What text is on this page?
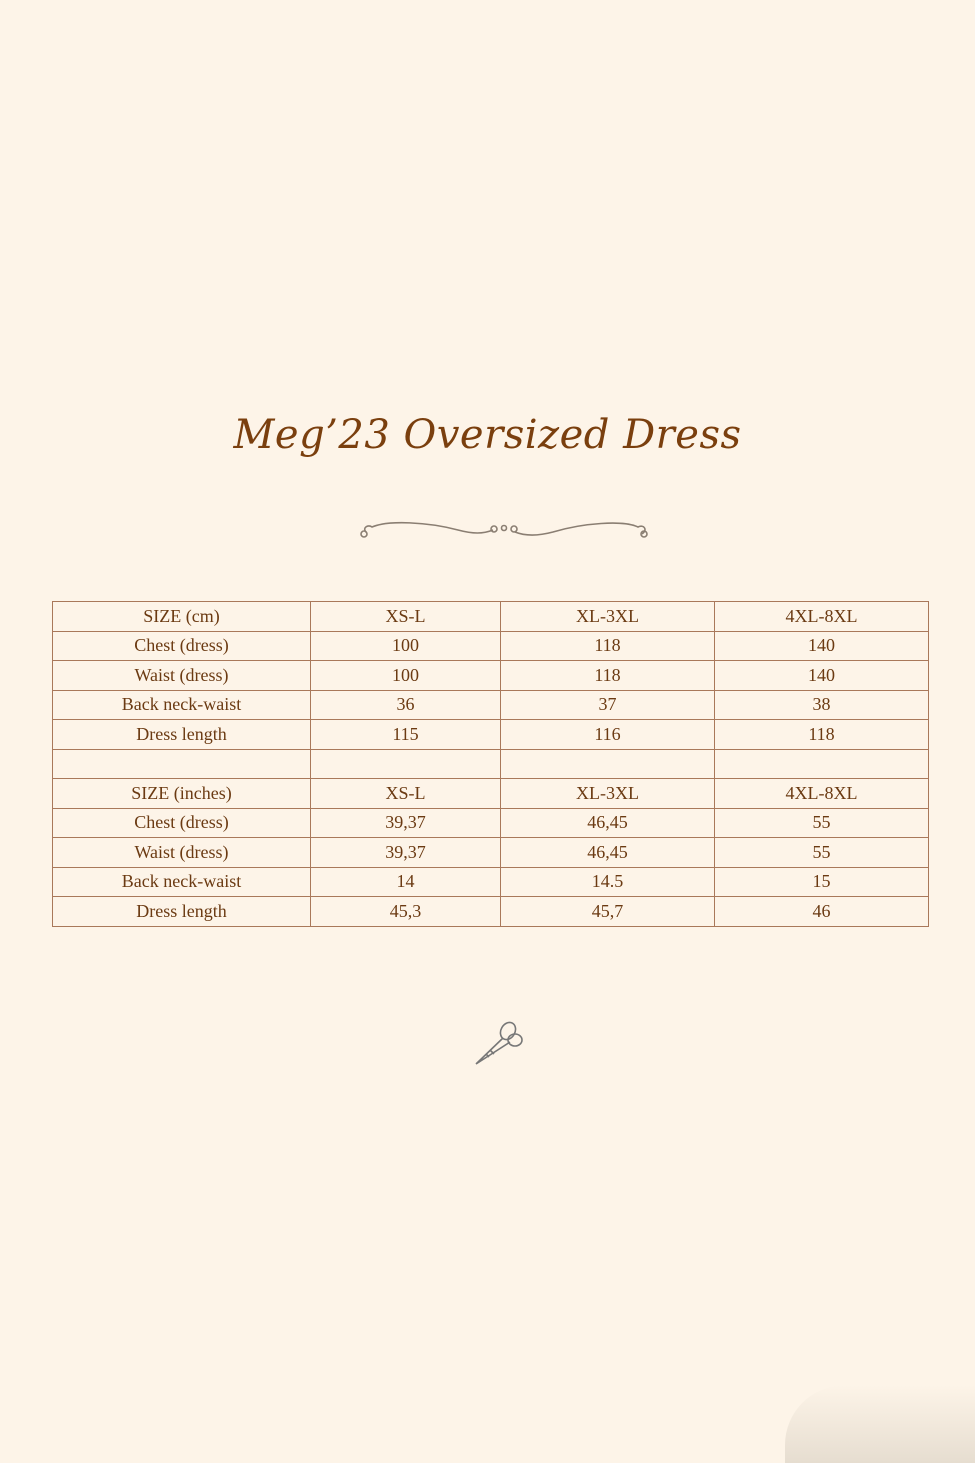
Meg’23 Oversized Dress
SIZE (cm)	XS-L	XL-3XL	4XL-8XL
Chest (dress)	100	118	140
Waist (dress)	100	118	140
Back neck-waist	36	37	38
Dress length	115	116	118

SIZE (inches)	XS-L	XL-3XL	4XL-8XL
Chest (dress)	39,37	46,45	55
Waist (dress)	39,37	46,45	55
Back neck-waist	14	14.5	15
Dress length	45,3	45,7	46
